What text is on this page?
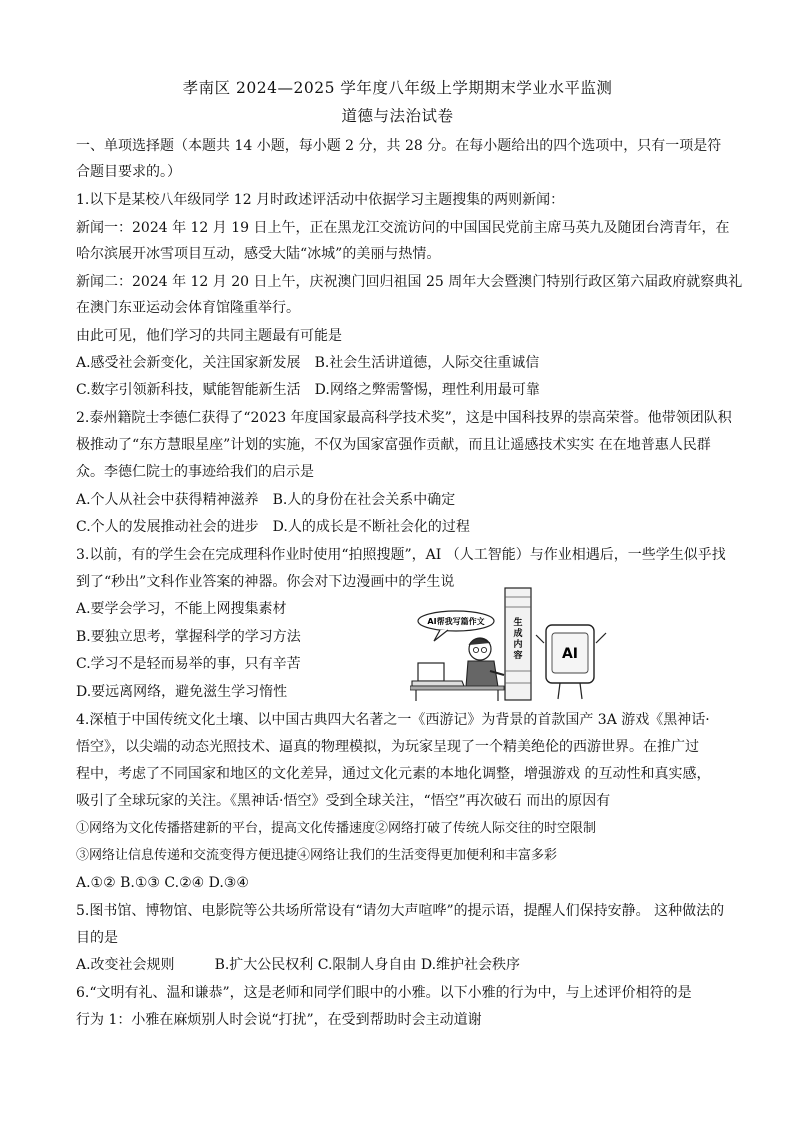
孝南区 2024—2025 学年度八年级上学期期末学业水平监测
道德与法治试卷
一、单项选择题（本题共 14 小题，每小题 2 分，共 28 分。在每小题给出的四个选项中，只有一项是符
合题目要求的。）
1.以下是某校八年级同学 12 月时政述评活动中依据学习主题搜集的两则新闻：
新闻一：2024 年 12 月 19 日上午，正在黑龙江交流访问的中国国民党前主席马英九及随团台湾青年，在
哈尔滨展开冰雪项目互动，感受大陆“冰城”的美丽与热情。
新闻二：2024 年 12 月 20 日上午，庆祝澳门回归祖国 25 周年大会暨澳门特别行政区第六届政府就察典礼
在澳门东亚运动会体育馆隆重举行。
由此可见，他们学习的共同主题最有可能是
A.感受社会新变化，关注国家新发展 B.社会生活讲道德，人际交往重诚信
C.数字引领新科技，赋能智能新生活 D.网络之弊需警惕，理性利用最可靠
2.泰州籍院士李德仁获得了“2023 年度国家最高科学技术奖”，这是中国科技界的崇高荣誉。他带领团队积
极推动了“东方慧眼星座”计划的实施，不仅为国家富强作贡献，而且让遥感技术实实 在在地普惠人民群
众。李德仁院士的事迹给我们的启示是
A.个人从社会中获得精神滋养 B.人的身份在社会关系中确定
C.个人的发展推动社会的进步 D.人的成长是不断社会化的过程
3.以前，有的学生会在完成理科作业时使用“拍照搜题”，AI （人工智能）与作业相遇后，一些学生似乎找
到了“秒出”文科作业答案的神器。你会对下边漫画中的学生说
A.要学会学习，不能上网搜集素材
B.要独立思考，掌握科学的学习方法
C.学习不是轻而易举的事，只有辛苦
D.要远离网络，避免滋生学习惰性
AI帮我写篇作文	生
成
内
容	AI
4.深植于中国传统文化土壤、以中国古典四大名著之一《西游记》为背景的首款国产 3A 游戏《黑神话·
悟空》，以尖端的动态光照技术、逼真的物理模拟，为玩家呈现了一个精美绝伦的西游世界。在推广过
程中，考虑了不同国家和地区的文化差异，通过文化元素的本地化调整，增强游戏 的互动性和真实感，
吸引了全球玩家的关注。《黑神话·悟空》受到全球关注，“悟空”再次破石 而出的原因有
①网络为文化传播搭建新的平台，提高文化传播速度②网络打破了传统人际交往的时空限制
③网络让信息传递和交流变得方便迅捷④网络让我们的生活变得更加便利和丰富多彩
A.①② B.①③ C.②④ D.③④
5.图书馆、博物馆、电影院等公共场所常设有“请勿大声喧哗”的提示语，提醒人们保持安静。 这种做法的
目的是
A.改变社会规则	B.扩大公民权利 C.限制人身自由 D.维护社会秩序
6.“文明有礼、温和谦恭”，这是老师和同学们眼中的小雅。以下小雅的行为中，与上述评价相符的是
行为 1：小雅在麻烦别人时会说“打扰”，在受到帮助时会主动道谢
